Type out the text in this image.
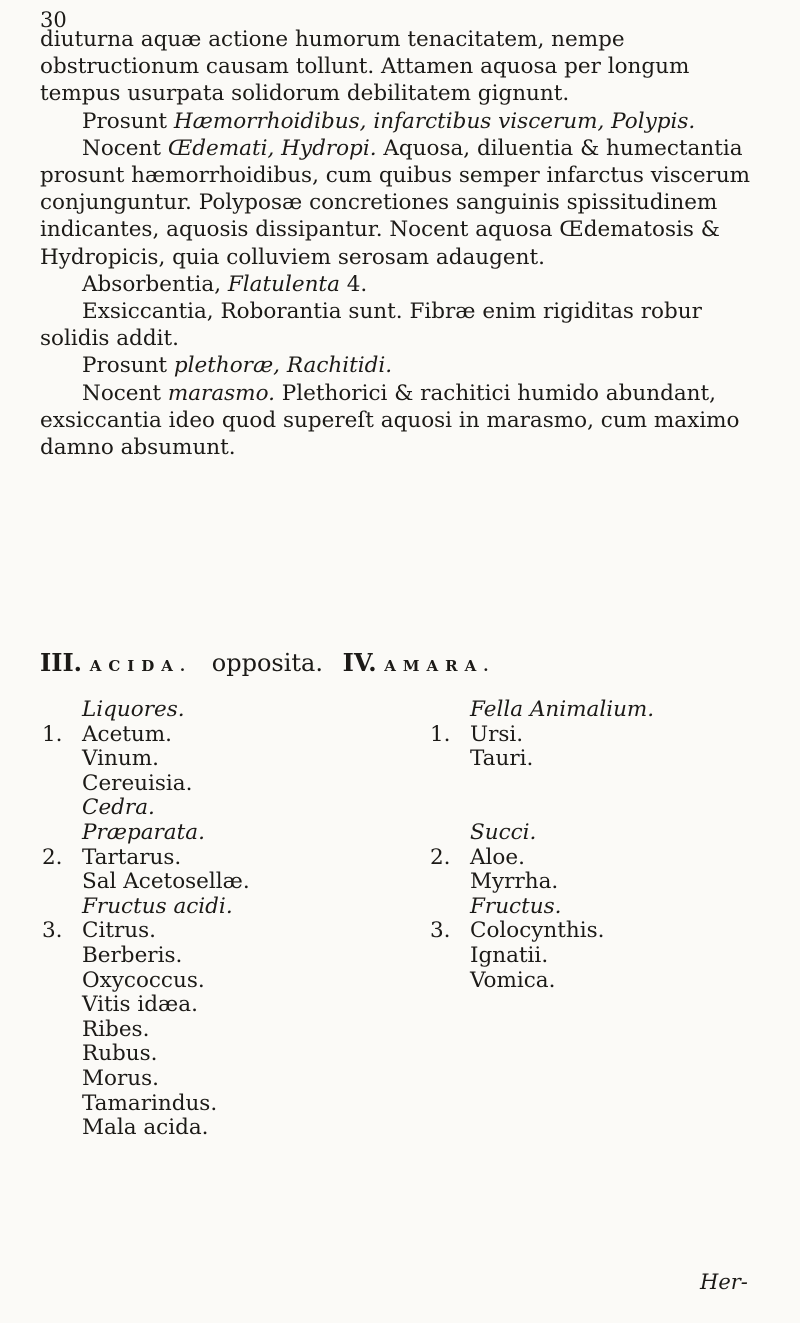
30

diuturna aquæ actione humorum tenacitatem, nempe obstructionum causam tollunt. Attamen aquosa per longum tempus usurpata solidorum debilitatem gignunt.

Prosunt Hæmorrhoidibus, infarctibus viscerum, Polypis.

Nocent Œdemati, Hydropi. Aquosa, diluentia & humectantia prosunt hæmorrhoidibus, cum quibus semper infarctus viscerum conjunguntur. Polyposæ concretiones sanguinis spissitudinem indicantes, aquosis dissipantur. Nocent aquosa Œdematosis & Hydropicis, quia colluviem serosam adaugent.

Absorbentia, Flatulenta 4.

Exsiccantia, Roborantia sunt. Fibræ enim rigiditas robur solidis addit.

Prosunt plethoræ, Rachitidi.

Nocent marasmo. Plethorici & rachitici humido abundant, exsiccantia ideo quod supereſt aquosi in marasmo, cum maximo damno absumunt.

III. ACIDA. opposita. IV. AMARA.
Liquores.
1. Acetum.
Vinum.
Cereuisia.
Cedra.
Præparata.
2. Tartarus.
Sal Acetosellæ.
Fructus acidi.
3. Citrus.
Berberis.
Oxycoccus.
Vitis idæa.
Ribes.
Rubus.
Morus.
Tamarindus.
Mala acida.
Fella Animalium.
1. Ursi.
Tauri.
Succi.
2. Aloe.
Myrrha.
Fructus.
3. Colocynthis.
Ignatii.
Vomica.
Her-
